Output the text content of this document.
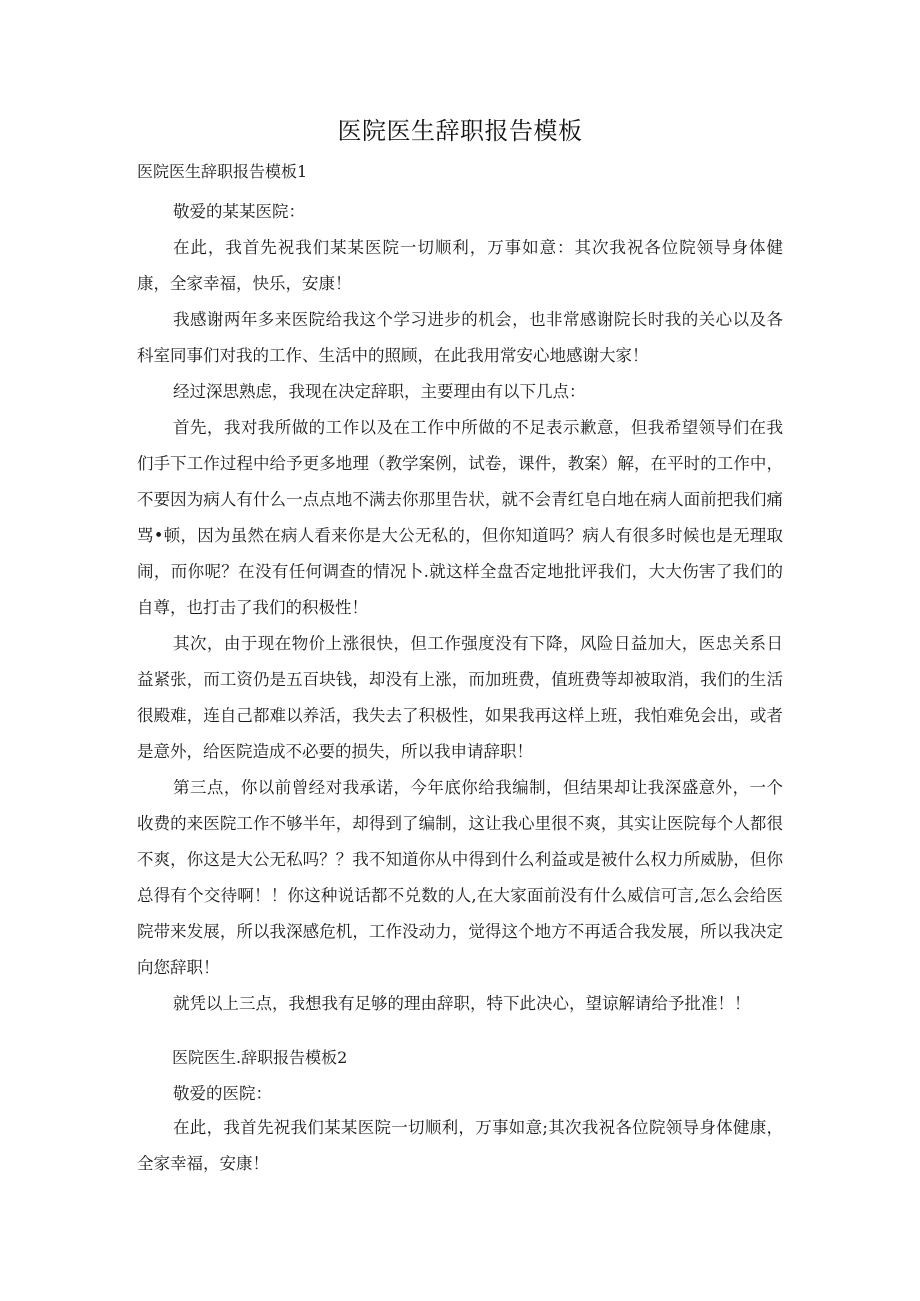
医院医生辞职报告模板
医院医生辞职报告模板1
敬爱的某某医院：
在此，我首先祝我们某某医院一切顺利，万事如意：其次我祝各位院领导身体健康，全家幸福，快乐，安康！
我感谢两年多来医院给我这个学习进步的机会，也非常感谢院长时我的关心以及各科室同事们对我的工作、生活中的照顾，在此我用常安心地感谢大家！
经过深思熟虑，我现在决定辞职，主要理由有以下几点：
首先，我对我所做的工作以及在工作中所做的不足表示歉意，但我希望领导们在我们手下工作过程中给予更多地理（教学案例，试卷，课件，教案）解，在平时的工作中，不要因为病人有什么一点点地不满去你那里告状，就不会青红皂白地在病人面前把我们痛骂•顿，因为虽然在病人看来你是大公无私的，但你知道吗？病人有很多时候也是无理取闹，而你呢？在没有任何调查的情况卜.就这样全盘否定地批评我们，大大伤害了我们的自尊，也打击了我们的积极性！
其次，由于现在物价上涨很快，但工作强度没有下降，风险日益加大，医忠关系日益紧张，而工资仍是五百块钱，却没有上涨，而加班费，值班费等却被取消，我们的生活很殿难，连自己都难以养活，我失去了积极性，如果我再这样上班，我怕难免会出，或者是意外，给医院造成不必要的损失，所以我申请辞职！
第三点，你以前曾经对我承诺，今年底你给我编制，但结果却让我深盛意外，一个收费的来医院工作不够半年，却得到了编制，这让我心里很不爽，其实让医院每个人都很不爽，你这是大公无私吗？？我不知道你从中得到什么利益或是被什么权力所威胁，但你总得有个交待啊！！你这种说话都不兑数的人,在大家面前没有什么威信可言,怎么会给医院带来发展，所以我深感危机，工作没动力，觉得这个地方不再适合我发展，所以我决定向您辞职！
就凭以上三点，我想我有足够的理由辞职，特下此决心，望谅解请给予批准！！
医院医生.辞职报告模板2
敬爱的医院：
在此，我首先祝我们某某医院一切顺利，万事如意;其次我祝各位院领导身体健康，全家幸福，安康！
